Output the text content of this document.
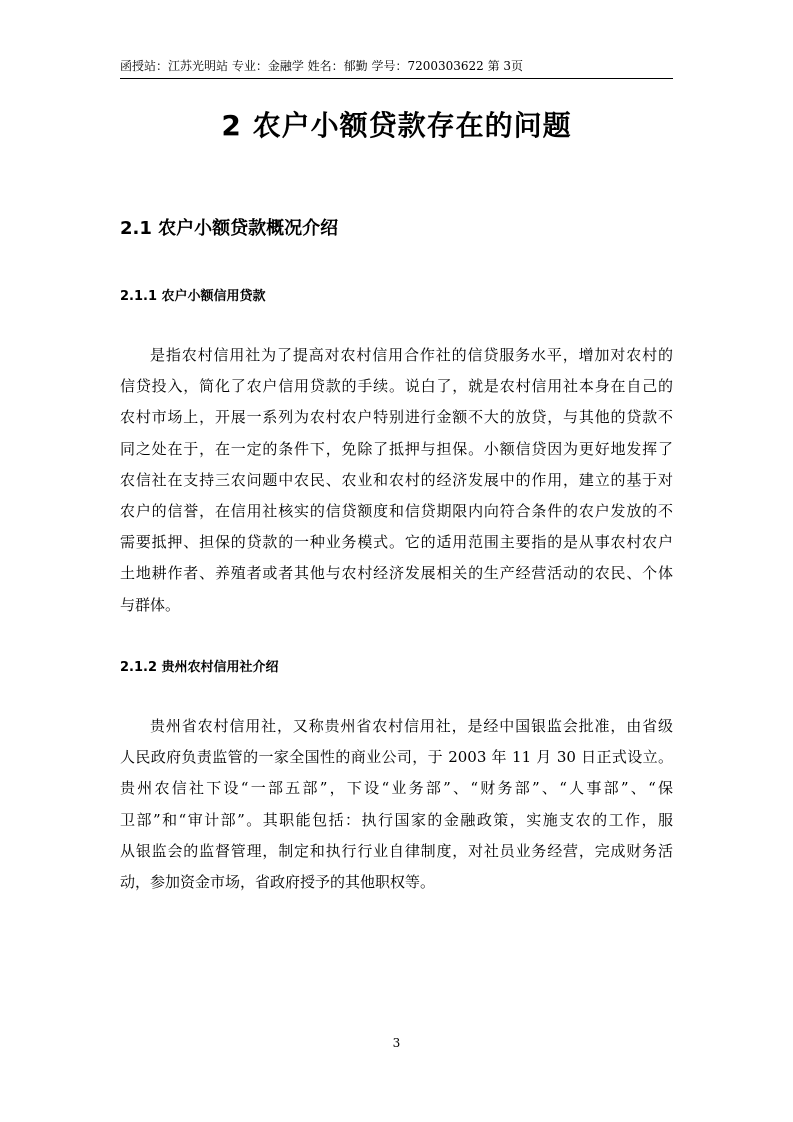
函授站：江苏光明站 专业：金融学 姓名：郁勤 学号：7200303622 第 3页
2 农户小额贷款存在的问题
2.1 农户小额贷款概况介绍
2.1.1 农户小额信用贷款
是指农村信用社为了提高对农村信用合作社的信贷服务水平，增加对农村的
信贷投入，简化了农户信用贷款的手续。说白了，就是农村信用社本身在自己的
农村市场上，开展一系列为农村农户特别进行金额不大的放贷，与其他的贷款不
同之处在于，在一定的条件下，免除了抵押与担保。小额信贷因为更好地发挥了
农信社在支持三农问题中农民、农业和农村的经济发展中的作用，建立的基于对
农户的信誉，在信用社核实的信贷额度和信贷期限内向符合条件的农户发放的不
需要抵押、担保的贷款的一种业务模式。它的适用范围主要指的是从事农村农户
土地耕作者、养殖者或者其他与农村经济发展相关的生产经营活动的农民、个体
与群体。
2.1.2 贵州农村信用社介绍
贵州省农村信用社，又称贵州省农村信用社，是经中国银监会批准，由省级
人民政府负责监管的一家全国性的商业公司，于 2003 年 11 月 30 日正式设立。
贵州农信社下设“一部五部”，下设“业务部”、“财务部”、“人事部”、“保
卫部”和“审计部”。其职能包括：执行国家的金融政策，实施支农的工作，服
从银监会的监督管理，制定和执行行业自律制度，对社员业务经营，完成财务活
动，参加资金市场，省政府授予的其他职权等。
3
